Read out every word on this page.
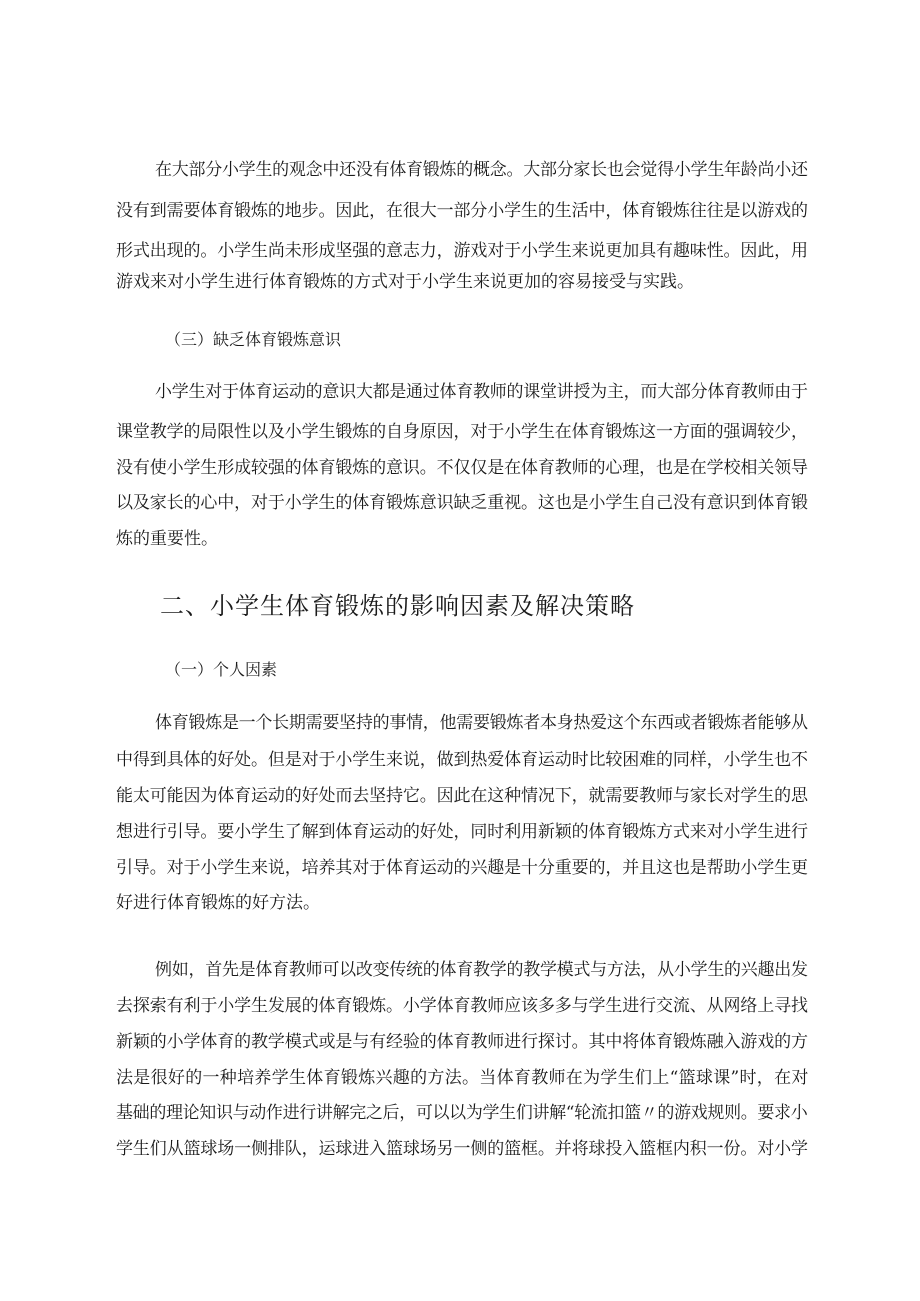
在大部分小学生的观念中还没有体育锻炼的概念。大部分家长也会觉得小学生年龄尚小还

没有到需要体育锻炼的地步。因此，在很大一部分小学生的生活中，体育锻炼往往是以游戏的

形式出现的。小学生尚未形成坚强的意志力，游戏对于小学生来说更加具有趣味性。因此，用

游戏来对小学生进行体育锻炼的方式对于小学生来说更加的容易接受与实践。

（三）缺乏体育锻炼意识

小学生对于体育运动的意识大都是通过体育教师的课堂讲授为主，而大部分体育教师由于

课堂教学的局限性以及小学生锻炼的自身原因，对于小学生在体育锻炼这一方面的强调较少，

没有使小学生形成较强的体育锻炼的意识。不仅仅是在体育教师的心理，也是在学校相关领导

以及家长的心中，对于小学生的体育锻炼意识缺乏重视。这也是小学生自己没有意识到体育锻

炼的重要性。

二、小学生体育锻炼的影响因素及解决策略

（一）个人因素

体育锻炼是一个长期需要坚持的事情，他需要锻炼者本身热爱这个东西或者锻炼者能够从

中得到具体的好处。但是对于小学生来说，做到热爱体育运动时比较困难的同样，小学生也不

能太可能因为体育运动的好处而去坚持它。因此在这种情况下，就需要教师与家长对学生的思

想进行引导。要小学生了解到体育运动的好处，同时利用新颖的体育锻炼方式来对小学生进行

引导。对于小学生来说，培养其对于体育运动的兴趣是十分重要的，并且这也是帮助小学生更

好进行体育锻炼的好方法。

例如，首先是体育教师可以改变传统的体育教学的教学模式与方法，从小学生的兴趣出发

去探索有利于小学生发展的体育锻炼。小学体育教师应该多多与学生进行交流、从网络上寻找

新颖的小学体育的教学模式或是与有经验的体育教师进行探讨。其中将体育锻炼融入游戏的方

法是很好的一种培养学生体育锻炼兴趣的方法。当体育教师在为学生们上“篮球课”时，在对

基础的理论知识与动作进行讲解完之后，可以以为学生们讲解“轮流扣篮〃的游戏规则。要求小

学生们从篮球场一侧排队，运球进入篮球场另一侧的篮框。并将球投入篮框内积一份。对小学
